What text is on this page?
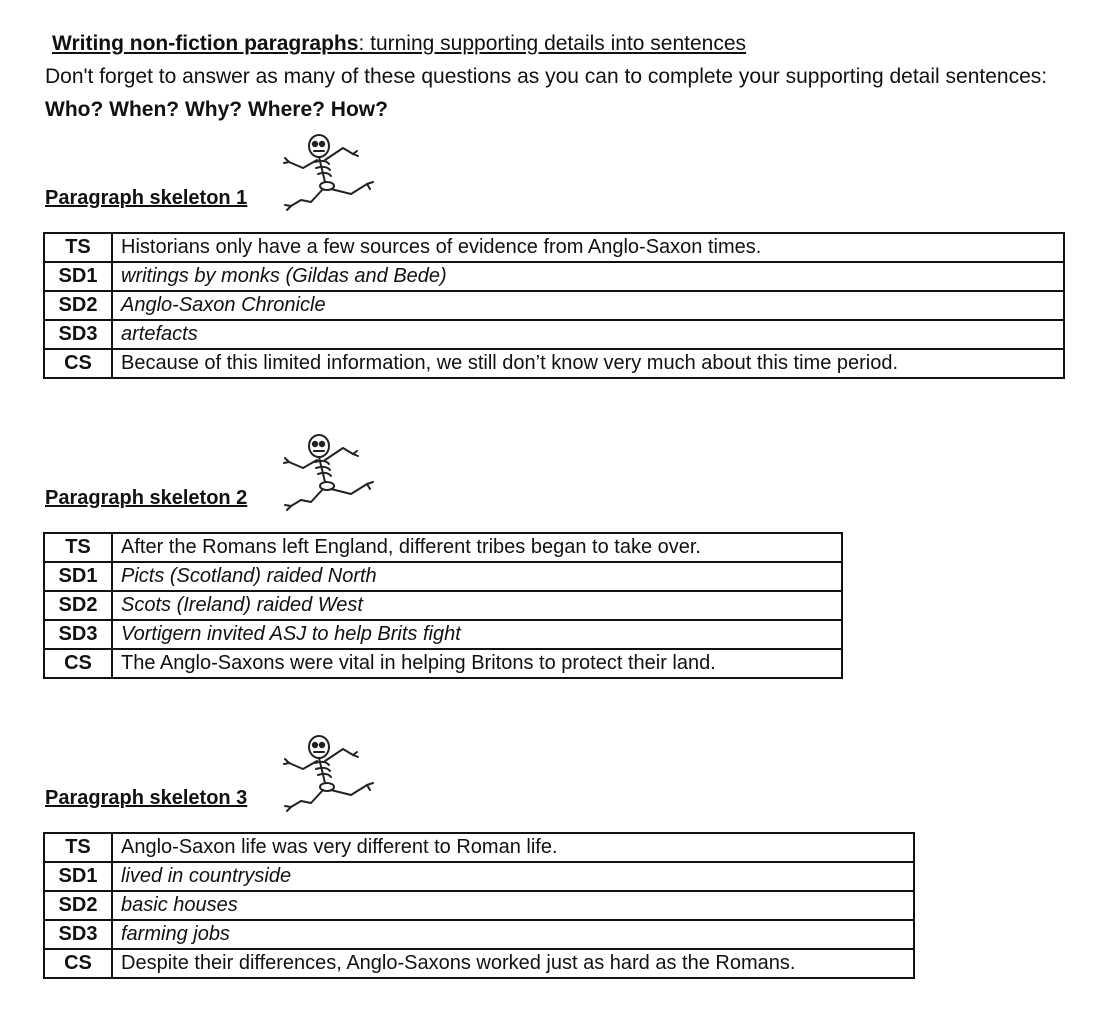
Writing non-fiction paragraphs: turning supporting details into sentences
Don't forget to answer as many of these questions as you can to complete your supporting detail sentences: Who? When? Why? Where? How?
Paragraph skeleton 1
TS	Historians only have a few sources of evidence from Anglo-Saxon times.
SD1	writings by monks (Gildas and Bede)
SD2	Anglo-Saxon Chronicle
SD3	artefacts
CS	Because of this limited information, we still don’t know very much about this time period.
Paragraph skeleton 2
TS	After the Romans left England, different tribes began to take over.
SD1	Picts (Scotland) raided North
SD2	Scots (Ireland) raided West
SD3	Vortigern invited ASJ to help Brits fight
CS	The Anglo-Saxons were vital in helping Britons to protect their land.
Paragraph skeleton 3
TS	Anglo-Saxon life was very different to Roman life.
SD1	lived in countryside
SD2	basic houses
SD3	farming jobs
CS	Despite their differences, Anglo-Saxons worked just as hard as the Romans.
